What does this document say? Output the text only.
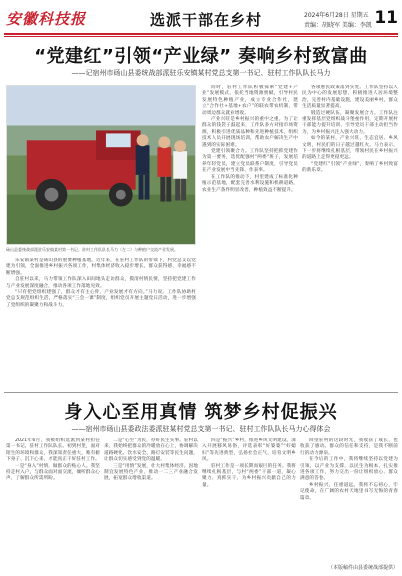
安徽科技报	选派干部在乡村	2024年6月28日 星期五
责编：胡晓军 美编：李凯 11
“党建红”引领“产业绿” 奏响乡村致富曲
——记宿州市砀山县委统战部派驻乐安镇某村党总支第一书记、驻村工作队队长马力
砀山县委统战部派驻乐安镇某村第一书记、驻村工作队队长马力（左二）与种植户交流产业发展。

乐安镇某村是砀山县的重要种植基地，近年来，在驻村工作队的带领下，村党总支以党建为引领，全面推进乡村振兴各项工作，村集体经济收入稳步增长，群众获得感、幸福感不断增强。

自驻村以来，马力带领工作队深入田间地头走访群众，摸清村情民情，坚持把党建工作与产业发展深度融合，推动各项工作落地见效。

“只有把党组织建强了，群众才有主心骨，产业发展才有方向。”马力说。工作队协助村党总支规范组织生活，严格落实“三会一课”制度，组织党员开展主题党日活动，进一步增强了党组织的凝聚力和战斗力。

同时，驻村工作队积极探索“党建+产业”发展模式，依托当地资源禀赋，引导村民发展特色种植产业，成立专业合作社，建立“合作社+基地+农户”的联农带农机制，带动周边群众就业增收。

产业兴旺是乡村振兴的重中之重。为了让群众的钱袋子鼓起来，工作队多方对接市场资源，积极引进优质品种和先进种植技术，组织技术人员开展现场培训，帮助农户解决生产中遇到的实际困难。

党建引领聚合力。工作队坚持把抓党建作为第一要务，选优配强村“两委”班子，发展培养年轻党员，建立党员联系户制度，引导党员在产业发展中当先锋、作表率。

在工作队的推动下，村里建成了标准化种植示范基地，配套完善水利设施和机耕道路，农业生产条件明显改善，种植效益不断提升。

各项惠民政策落到实处。工作队坚持以人民为中心的发展思想，积极推进人居环境整治，完善村内基础设施，建设美丽乡村，群众生活质量显著提高。

锻造过硬队伍，凝聚发展合力。工作队注重发挥基层党组织战斗堡垒作用，定期开展村干部能力提升培训，引导党员干部主动担当作为，为乡村振兴注入强大动力。

如今的某村，产业兴旺、生态宜居、乡风文明，村民们的日子越过越红火。马力表示，下一步将继续扎根基层，带领村民在乡村振兴的道路上走得更稳更远。

“党建红”引领“产业绿”，奏响了乡村致富的新乐章。

身入心至用真情 筑梦乡村促振兴
——宿州市砀山县委政法委派驻某村党总支第一书记、驻村工作队队长马力心得体会

2021年6月，我被组织选派到某村担任第一书记、驻村工作队队长。初到村里，面对陌生的环境和群众，我深知责任重大，唯有俯下身子、沉下心来，才能真正干好驻村工作。

一是“身入”村情，做群众的贴心人。我坚持走村入户，与群众面对面交流，倾听群众心声，了解群众所需所盼。

二是“心至”为民，办好民生实事。驻村以来，我始终把群众的冷暖放在心上，协调解决道路硬化、饮水安全、路灯安装等民生问题，让群众切实感受到党的温暖。

三是“用情”发展，壮大村集体经济。因地制宜发展特色产业，推动一二三产业融合发展，拓宽群众增收渠道。

四是“振兴”乡村，推进乡风文明建设。深入开展移风易俗，评选表彰“好婆婆”“好媳妇”等先进典型，弘扬社会正气，培育文明乡风。

驻村工作是一项长期而艰巨的任务。我将继续扎根基层，与村“两委”干部一道，凝心聚力、真抓实干，为乡村振兴贡献自己的力量。

回望驻村的这段时光，我收获了成长，也收获了感动。群众的信任和支持，是我不断前行的动力源泉。

在今后的工作中，我将继续坚持以党建为引领，以产业为支撑，以民生为根本，扎实推进各项工作，努力交出一份让组织放心、群众满意的答卷。

乡村振兴，任重道远。我将不忘初心，牢记使命，在广阔的农村天地里书写无悔的青春篇章。

（本版稿件由县委统战部提供）
